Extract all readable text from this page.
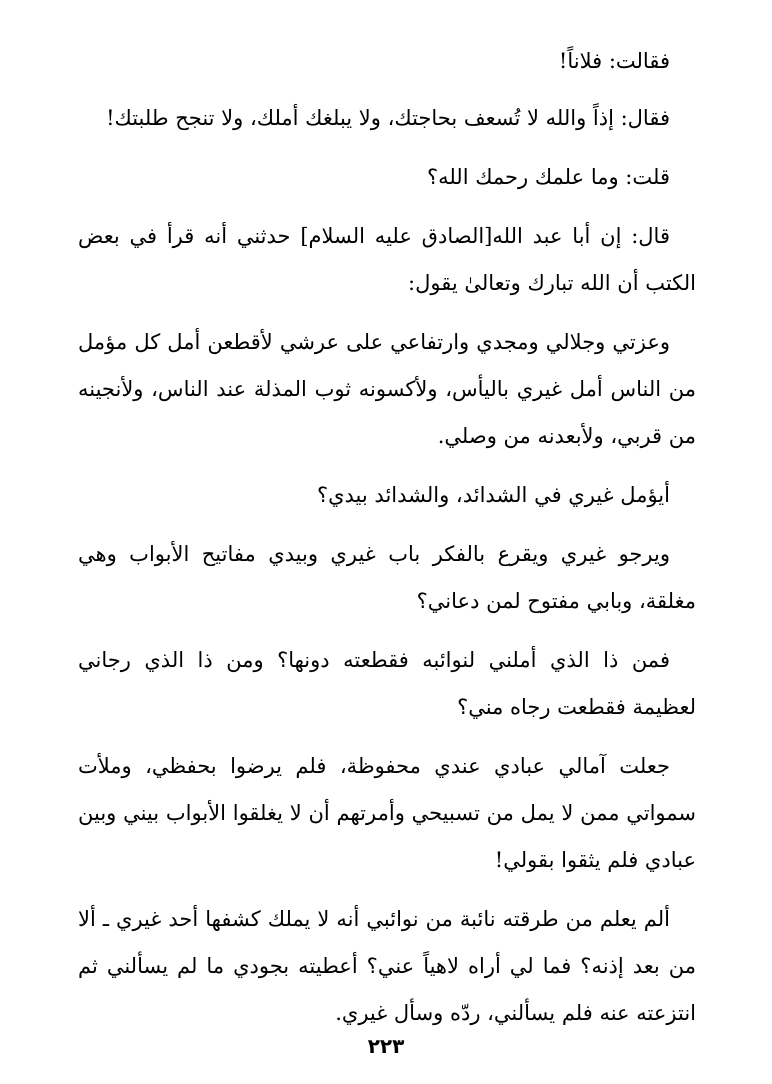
فقالت: فلاناً!

فقال: إذاً والله لا تُسعف بحاجتك، ولا يبلغك أملك، ولا تنجح طلبتك!

قلت: وما علمك رحمك الله؟

قال: إن أبا عبد الله[الصادق عليه السلام] حدثني أنه قرأ في بعض الكتب أن الله تبارك وتعالىٰ يقول:

وعزتي وجلالي ومجدي وارتفاعي على عرشي لأقطعن أمل كل مؤمل من الناس أمل غيري باليأس، ولأكسونه ثوب المذلة عند الناس، ولأنجينه من قربي، ولأبعدنه من وصلي.

أيؤمل غيري في الشدائد، والشدائد بيدي؟

ويرجو غيري ويقرع بالفكر باب غيري وبيدي مفاتيح الأبواب وهي مغلقة، وبابي مفتوح لمن دعاني؟

فمن ذا الذي أملني لنوائبه فقطعته دونها؟ ومن ذا الذي رجاني لعظيمة فقطعت رجاه مني؟

جعلت آمالي عبادي عندي محفوظة، فلم يرضوا بحفظي، وملأت سمواتي ممن لا يمل من تسبيحي وأمرتهم أن لا يغلقوا الأبواب بيني وبين عبادي فلم يثقوا بقولي!

ألم يعلم من طرقته نائبة من نوائبي أنه لا يملك كشفها أحد غيري ـ ألا من بعد إذنه؟ فما لي أراه لاهياً عني؟ أعطيته بجودي ما لم يسألني ثم انتزعته عنه فلم يسألني، ردّه وسأل غيري.

٢٢٣
